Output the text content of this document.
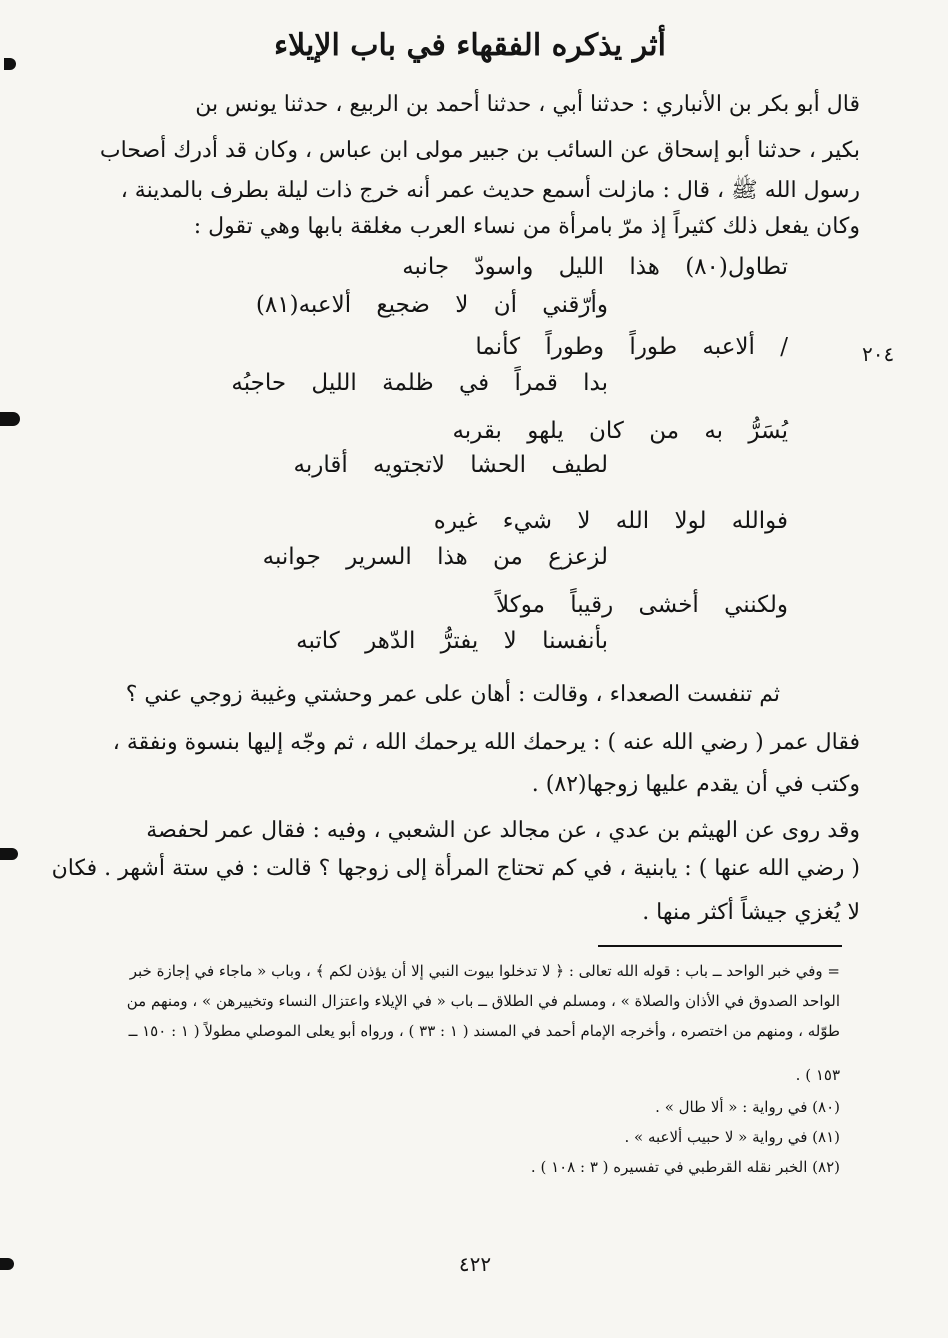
أثر يذكره الفقهاء في باب الإيلاء
قال أبو بكر بن الأنباري : حدثنا أبي ، حدثنا أحمد بن الربيع ، حدثنا يونس بن
بكير ، حدثنا أبو إسحاق عن السائب بن جبير مولى ابن عباس ، وكان قد أدرك أصحاب
رسول الله ﷺ ، قال : مازلت أسمع حديث عمر أنه خرج ذات ليلة بطرف بالمدينة ،
وكان يفعل ذلك كثيراً إذ مرّ بامرأة من نساء العرب مغلقة بابها وهي تقول :
تطاول(٨٠) هذا الليل واسودّ جانبه
وأرّقني أن لا ضجيع ألاعبه(٨١)
/ ألاعبه طوراً وطوراً كأنما
بدا قمراً في ظلمة الليل حاجبُه
يُسَرُّ به من كان يلهو بقربه
لطيف الحشا لاتجتويه أقاربه
فوالله لولا الله لا شيء غيره
لزعزع من هذا السرير جوانبه
ولكنني أخشى رقيباً موكلاً
بأنفسنا لا يفترُّ الدّهر كاتبه
٢٠٤
ثم تنفست الصعداء ، وقالت : أهان على عمر وحشتي وغيبة زوجي عني ؟
فقال عمر ( رضي الله عنه ) : يرحمك الله يرحمك الله ، ثم وجّه إليها بنسوة ونفقة ،
وكتب في أن يقدم عليها زوجها(٨٢) .
وقد روى عن الهيثم بن عدي ، عن مجالد عن الشعبي ، وفيه : فقال عمر لحفصة
( رضي الله عنها ) : يابنية ، في كم تحتاج المرأة إلى زوجها ؟ قالت : في ستة أشهر . فكان
لا يُغزي جيشاً أكثر منها .
= وفي خبر الواحد ــ باب : قوله الله تعالى : ﴿ لا تدخلوا بيوت النبي إلا أن يؤذن لكم ﴾ ، وباب « ماجاء في إجازة خبر
الواحد الصدوق في الأذان والصلاة » ، ومسلم في الطلاق ــ باب « في الإيلاء واعتزال النساء وتخييرهن » ، ومنهم من
طوّله ، ومنهم من اختصره ، وأخرجه الإمام أحمد في المسند ( ١ : ٣٣ ) ، ورواه أبو يعلى الموصلي مطولاً ( ١ : ١٥٠ ــ
١٥٣ ) .
(٨٠) في رواية : « ألا طال » .
(٨١) في رواية « لا حبيب ألاعبه » .
(٨٢) الخبر نقله القرطبي في تفسيره ( ٣ : ١٠٨ ) .
٤٢٢
